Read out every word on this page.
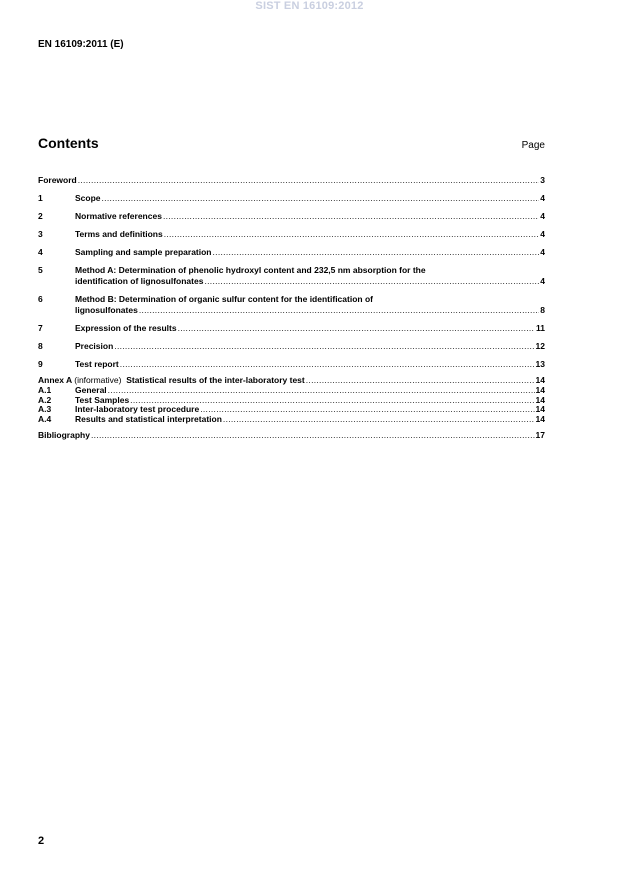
SIST EN 16109:2012
EN 16109:2011 (E)
Contents	Page
Foreword .....	3
1	Scope .....	4
2	Normative references .....	4
3	Terms and definitions .....	4
4	Sampling and sample preparation .....	4
5	Method A: Determination of phenolic hydroxyl content and 232,5 nm absorption for the
identification of lignosulfonates .....	4
6	Method B: Determination of organic sulfur content for the identification of
lignosulfonates .....	8
7	Expression of the results .....	11
8	Precision .....	12
9	Test report .....	13
Annex A (informative) Statistical results of the inter-laboratory test .....	14
A.1	General .....	14
A.2	Test Samples .....	14
A.3	Inter-laboratory test procedure .....	14
A.4	Results and statistical interpretation .....	14
Bibliography .....	17
2
